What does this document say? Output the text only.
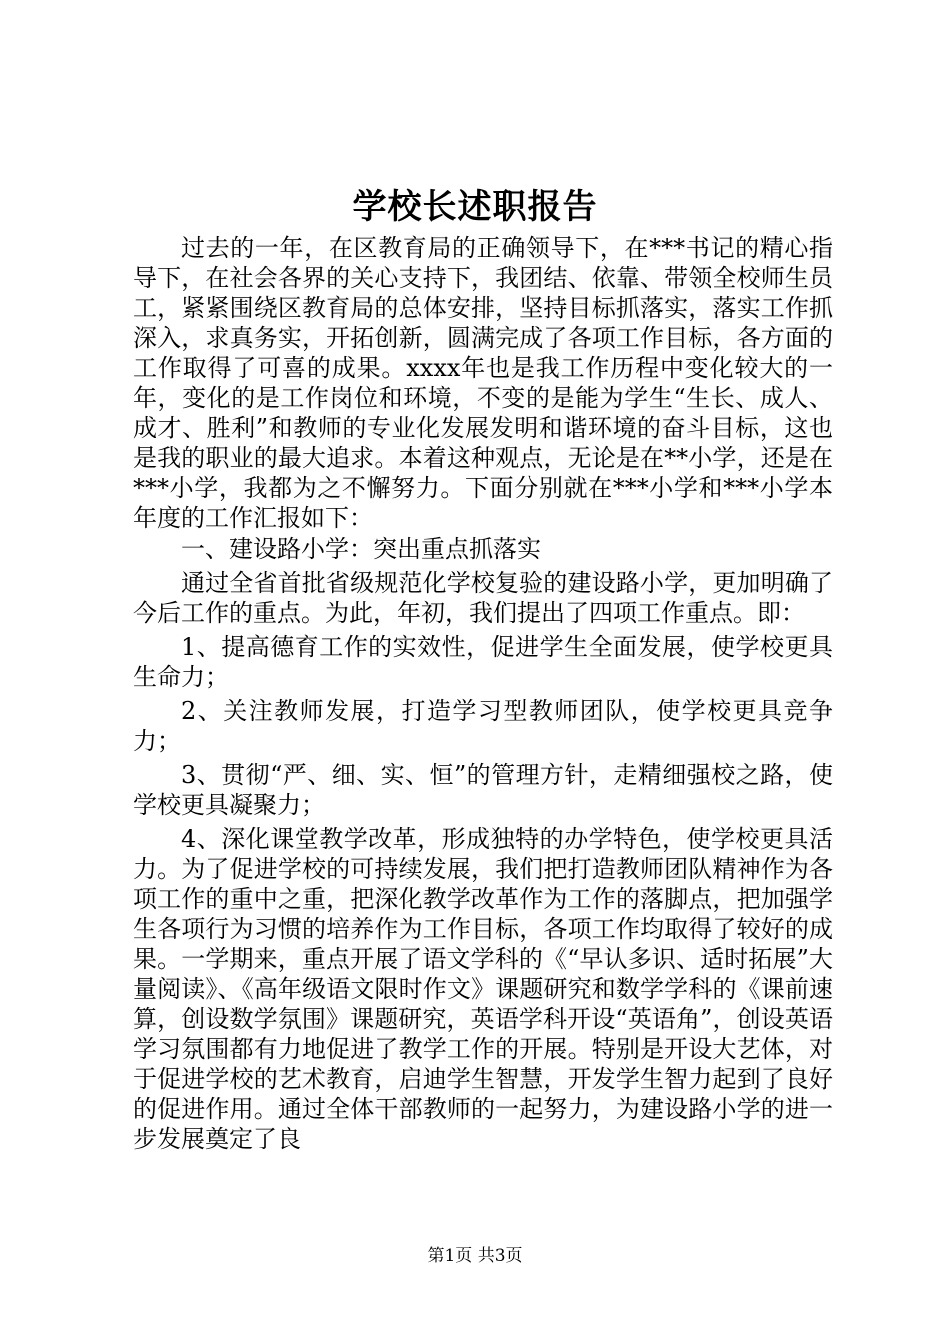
学校长述职报告

过去的一年，在区教育局的正确领导下，在***书记的精心指导下，在社会各界的关心支持下，我团结、依靠、带领全校师生员工，紧紧围绕区教育局的总体安排，坚持目标抓落实，落实工作抓深入，求真务实，开拓创新，圆满完成了各项工作目标，各方面的工作取得了可喜的成果。xxxx年也是我工作历程中变化较大的一年，变化的是工作岗位和环境，不变的是能为学生“生长、成人、成才、胜利”和教师的专业化发展发明和谐环境的奋斗目标，这也是我的职业的最大追求。本着这种观点，无论是在**小学，还是在***小学，我都为之不懈努力。下面分别就在***小学和***小学本年度的工作汇报如下：

一、建设路小学：突出重点抓落实

通过全省首批省级规范化学校复验的建设路小学，更加明确了今后工作的重点。为此，年初，我们提出了四项工作重点。即：

1、提高德育工作的实效性，促进学生全面发展，使学校更具生命力；

2、关注教师发展，打造学习型教师团队，使学校更具竞争力；

3、贯彻“严、细、实、恒”的管理方针，走精细强校之路，使学校更具凝聚力；

4、深化课堂教学改革，形成独特的办学特色，使学校更具活力。为了促进学校的可持续发展，我们把打造教师团队精神作为各项工作的重中之重，把深化教学改革作为工作的落脚点，把加强学生各项行为习惯的培养作为工作目标，各项工作均取得了较好的成果。一学期来，重点开展了语文学科的《“早认多识、适时拓展”大量阅读》、《高年级语文限时作文》课题研究和数学学科的《课前速算，创设数学氛围》课题研究，英语学科开设“英语角”，创设英语学习氛围都有力地促进了教学工作的开展。特别是开设大艺体，对于促进学校的艺术教育，启迪学生智慧，开发学生智力起到了良好的促进作用。通过全体干部教师的一起努力，为建设路小学的进一步发展奠定了良

第1页 共3页
